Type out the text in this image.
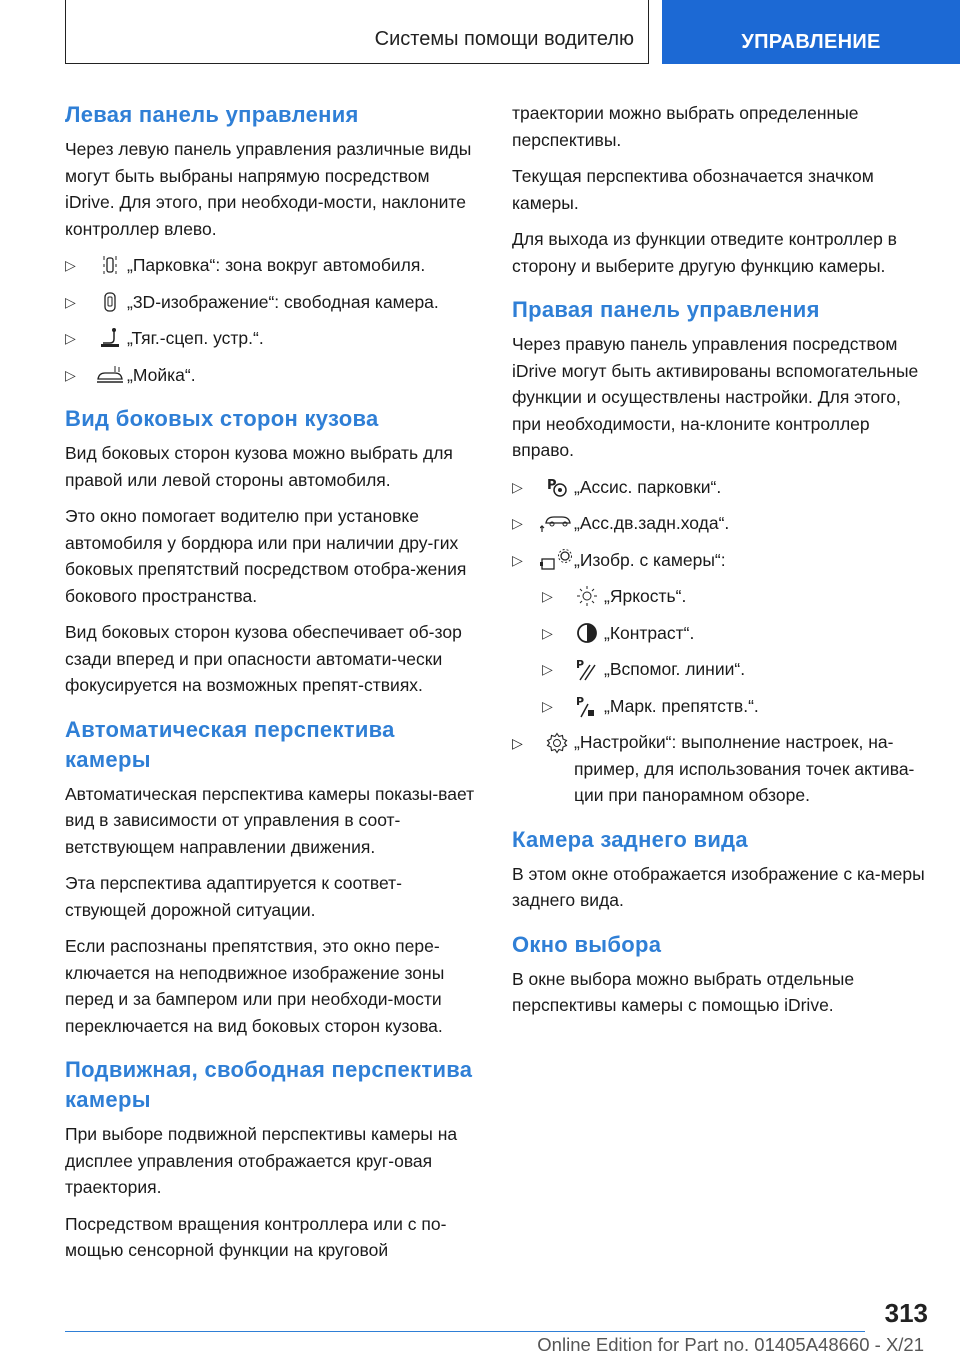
Системы помощи водителю	УПРАВЛЕНИЕ
Левая панель управления

Через левую панель управления различные виды могут быть выбраны напрямую посредством iDrive. Для этого, при необходи-мости, наклоните контроллер влево.

▷	„Парковка“: зона вокруг автомобиля.
▷	„3D-изображение“: свободная камера.
▷	„Тяг.-сцеп. устр.“.
▷	„Мойка“.
Вид боковых сторон кузова

Вид боковых сторон кузова можно выбрать для правой или левой стороны автомобиля.

Это окно помогает водителю при установке автомобиля у бордюра или при наличии дру-гих боковых препятствий посредством отобра-жения бокового пространства.

Вид боковых сторон кузова обеспечивает об-зор сзади вперед и при опасности автомати-чески фокусируется на возможных препят-ствиях.

Автоматическая перспектива камеры

Автоматическая перспектива камеры показы-вает вид в зависимости от управления в соот-ветствующем направлении движения.

Эта перспектива адаптируется к соответ-ствующей дорожной ситуации.

Если распознаны препятствия, это окно пере-ключается на неподвижное изображение зоны перед и за бампером или при необходи-мости переключается на вид боковых сторон кузова.

Подвижная, свободная перспектива камеры

При выборе подвижной перспективы камеры на дисплее управления отображается круг-овая траектория.

Посредством вращения контроллера или с по-мощью сенсорной функции на круговой

траектории можно выбрать определенные перспективы.

Текущая перспектива обозначается значком камеры.

Для выхода из функции отведите контроллер в сторону и выберите другую функцию камеры.

Правая панель управления

Через правую панель управления посредством iDrive могут быть активированы вспомогательные функции и осуществлены настройки. Для этого, при необходимости, на-клоните контроллер вправо.

▷	P „Ассис. парковки“.
▷	„Асс.дв.задн.хода“.
▷	„Изобр. с камеры“:
▷	„Яркость“.
▷	„Контраст“.
▷	P „Вспомог. линии“.
▷	P „Марк. препятств.“.
▷	„Настройки“: выполнение настроек, на-пример, для использования точек актива-ции при панорамном обзоре.
Камера заднего вида

В этом окне отображается изображение с ка-меры заднего вида.

Окно выбора

В окне выбора можно выбрать отдельные перспективы камеры с помощью iDrive.

313
Online Edition for Part no. 01405A48660 - X/21
